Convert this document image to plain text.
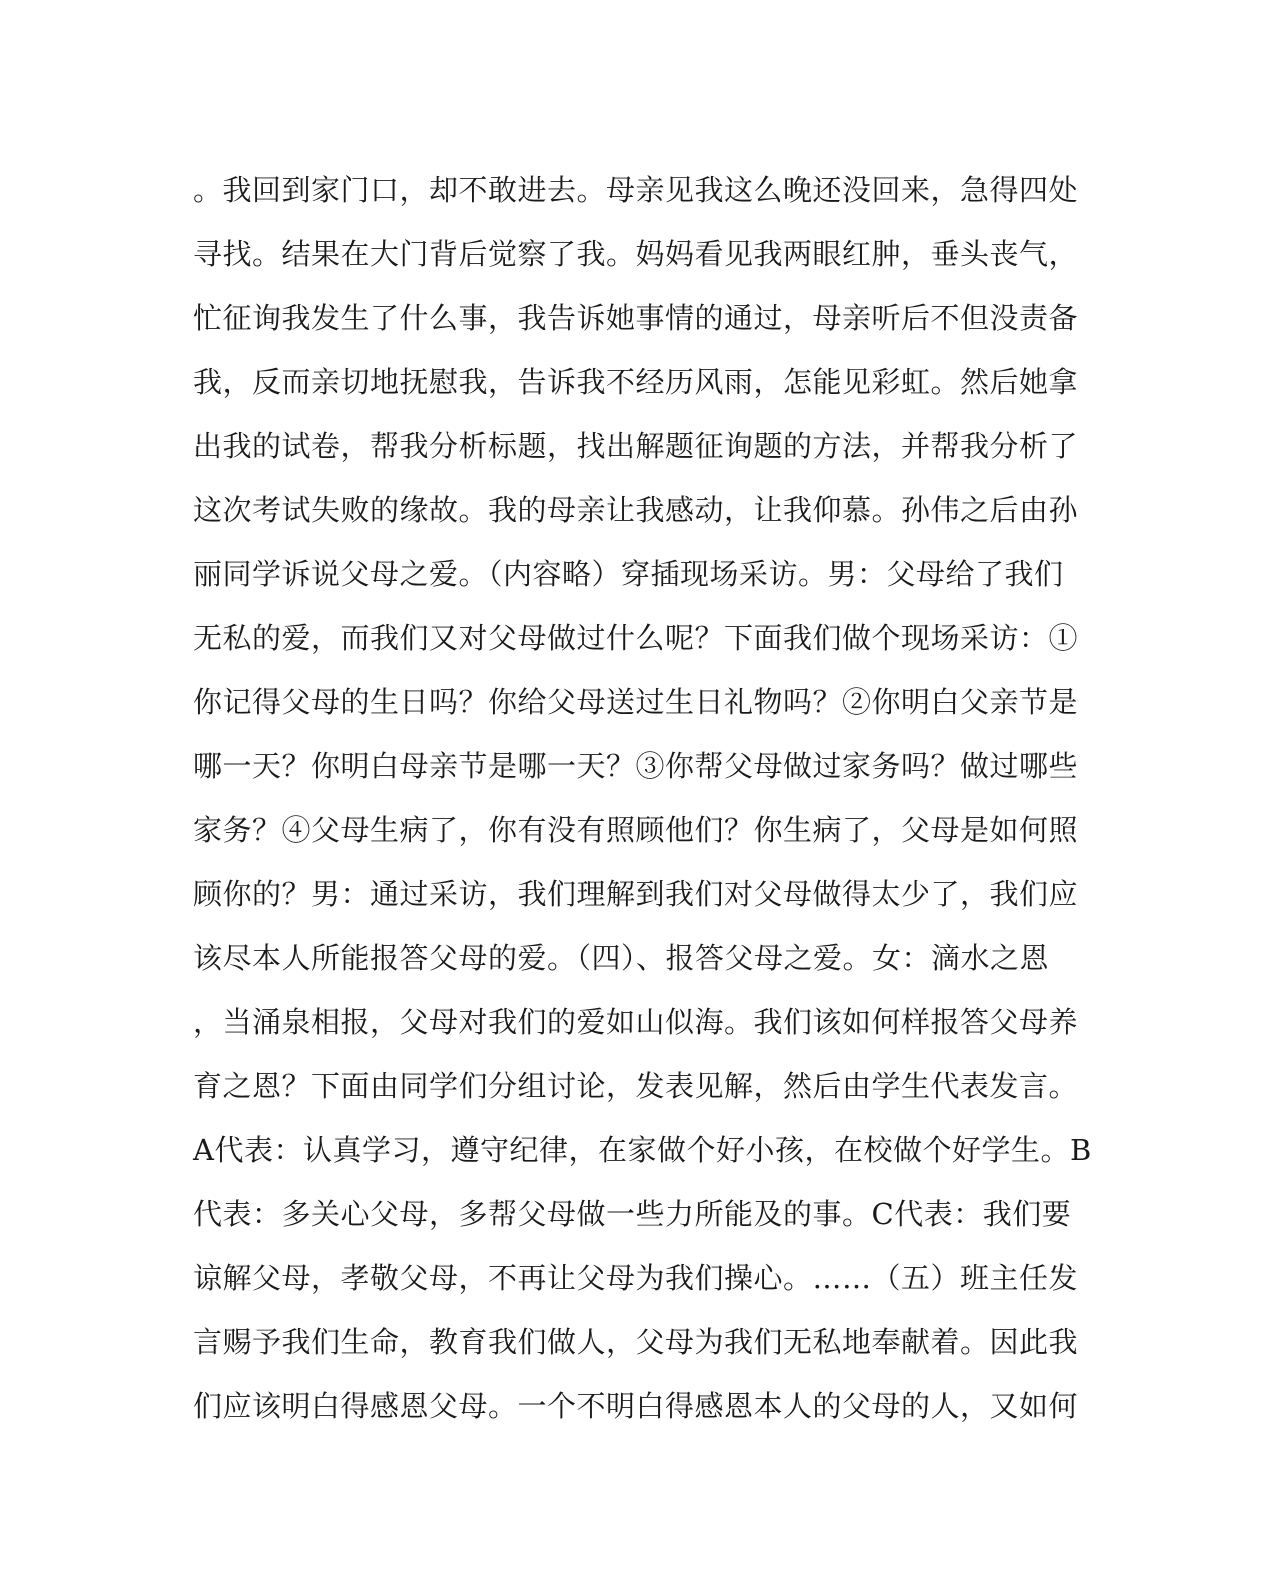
。我回到家门口，却不敢进去。母亲见我这么晚还没回来，急得四处
寻找。结果在大门背后觉察了我。妈妈看见我两眼红肿，垂头丧气，
忙征询我发生了什么事，我告诉她事情的通过，母亲听后不但没责备
我，反而亲切地抚慰我，告诉我不经历风雨，怎能见彩虹。然后她拿
出我的试卷，帮我分析标题，找出解题征询题的方法，并帮我分析了
这次考试失败的缘故。我的母亲让我感动，让我仰慕。孙伟之后由孙
丽同学诉说父母之爱。（内容略）穿插现场采访。男：父母给了我们
无私的爱，而我们又对父母做过什么呢？下面我们做个现场采访：①
你记得父母的生日吗？你给父母送过生日礼物吗？②你明白父亲节是
哪一天？你明白母亲节是哪一天？③你帮父母做过家务吗？做过哪些
家务？④父母生病了，你有没有照顾他们？你生病了，父母是如何照
顾你的？男：通过采访，我们理解到我们对父母做得太少了，我们应
该尽本人所能报答父母的爱。（四）、报答父母之爱。女：滴水之恩
，当涌泉相报，父母对我们的爱如山似海。我们该如何样报答父母养
育之恩？下面由同学们分组讨论，发表见解，然后由学生代表发言。
A代表：认真学习，遵守纪律，在家做个好小孩，在校做个好学生。B
代表：多关心父母，多帮父母做一些力所能及的事。C代表：我们要
谅解父母，孝敬父母，不再让父母为我们操心。……（五）班主任发
言赐予我们生命，教育我们做人，父母为我们无私地奉献着。因此我
们应该明白得感恩父母。一个不明白得感恩本人的父母的人，又如何
